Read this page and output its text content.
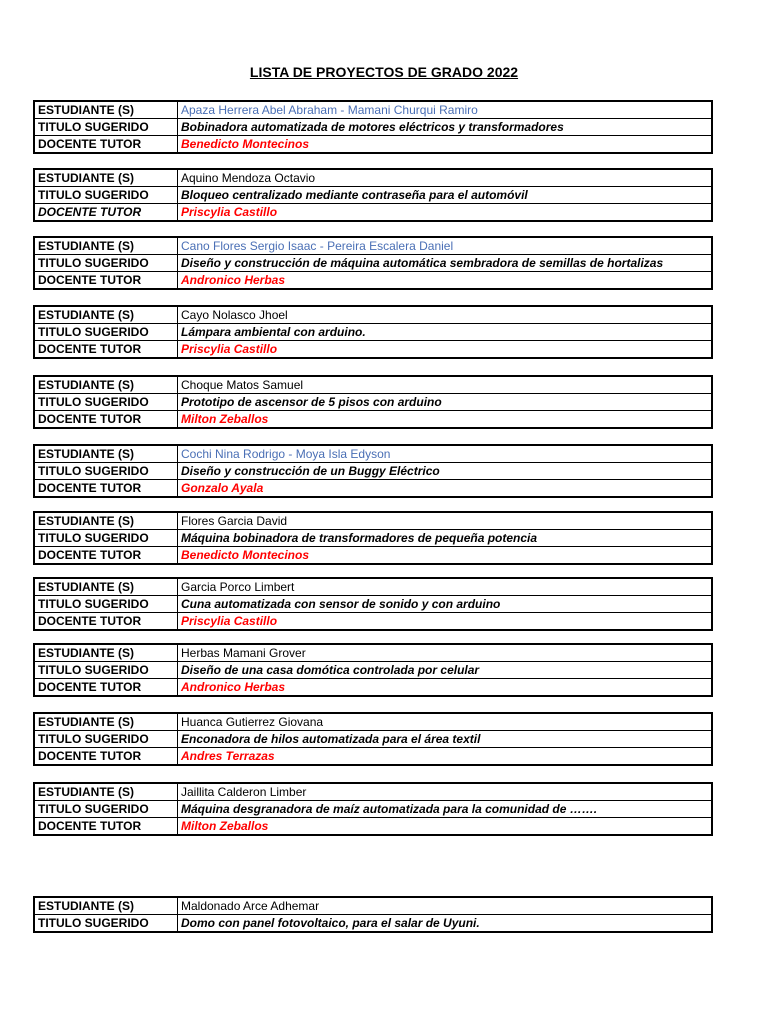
LISTA DE PROYECTOS DE GRADO 2022
ESTUDIANTE (S)	Apaza Herrera Abel Abraham - Mamani Churqui Ramiro
TITULO SUGERIDO	Bobinadora automatizada de motores eléctricos y transformadores
DOCENTE TUTOR	Benedicto Montecinos
ESTUDIANTE (S)	Aquino Mendoza Octavio
TITULO SUGERIDO	Bloqueo centralizado mediante contraseña para el automóvil
DOCENTE TUTOR	Priscylia Castillo
ESTUDIANTE (S)	Cano Flores Sergio Isaac - Pereira Escalera Daniel
TITULO SUGERIDO	Diseño y construcción de máquina automática sembradora de semillas de hortalizas
DOCENTE TUTOR	Andronico Herbas
ESTUDIANTE (S)	Cayo Nolasco Jhoel
TITULO SUGERIDO	Lámpara ambiental con arduino.
DOCENTE TUTOR	Priscylia Castillo
ESTUDIANTE (S)	Choque Matos Samuel
TITULO SUGERIDO	Prototipo de ascensor de 5 pisos con arduino
DOCENTE TUTOR	Milton Zeballos
ESTUDIANTE (S)	Cochi Nina Rodrigo - Moya Isla Edyson
TITULO SUGERIDO	Diseño y construcción de un Buggy Eléctrico
DOCENTE TUTOR	Gonzalo Ayala
ESTUDIANTE (S)	Flores Garcia David
TITULO SUGERIDO	Máquina bobinadora de transformadores de pequeña potencia
DOCENTE TUTOR	Benedicto Montecinos
ESTUDIANTE (S)	Garcia Porco Limbert
TITULO SUGERIDO	Cuna automatizada con sensor de sonido y con arduino
DOCENTE TUTOR	Priscylia Castillo
ESTUDIANTE (S)	Herbas Mamani Grover
TITULO SUGERIDO	Diseño de una casa domótica controlada por celular
DOCENTE TUTOR	Andronico Herbas
ESTUDIANTE (S)	Huanca Gutierrez Giovana
TITULO SUGERIDO	Enconadora de hilos automatizada para el área textil
DOCENTE TUTOR	Andres Terrazas
ESTUDIANTE (S)	Jaillita Calderon Limber
TITULO SUGERIDO	Máquina desgranadora de maíz automatizada para la comunidad de …….
DOCENTE TUTOR	Milton Zeballos
ESTUDIANTE (S)	Maldonado Arce Adhemar
TITULO SUGERIDO	Domo con panel fotovoltaico, para el salar de Uyuni.
